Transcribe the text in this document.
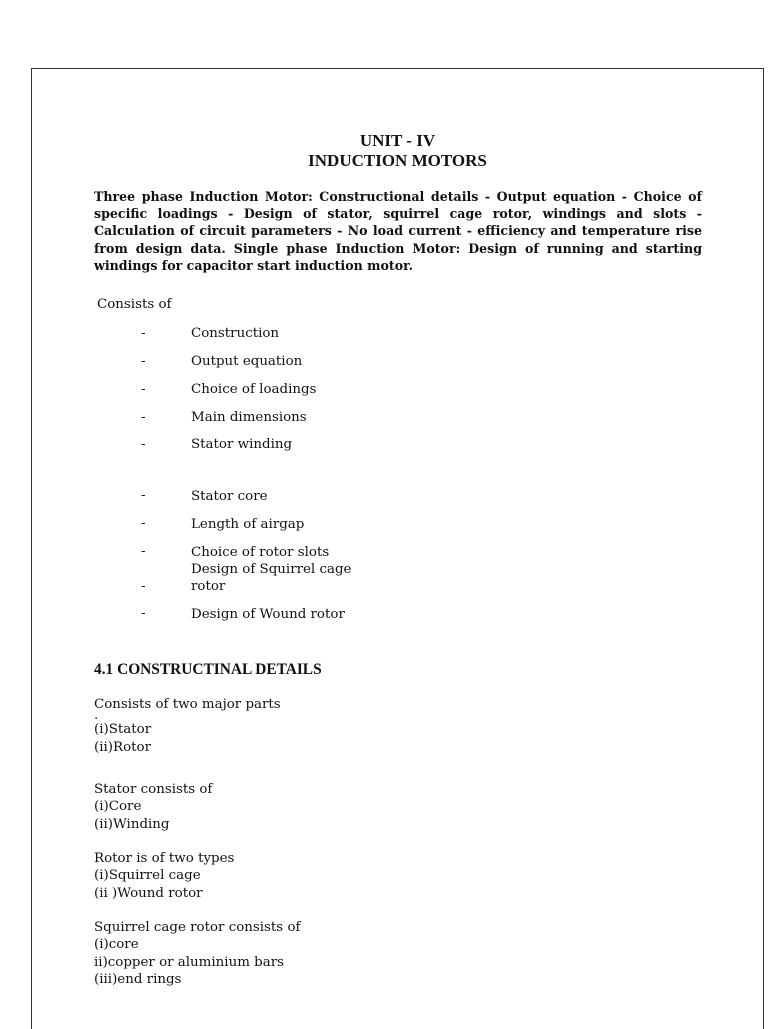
UNIT - IV
INDUCTION MOTORS

Three phase Induction Motor: Constructional details - Output equation - Choice of specific loadings - Design of stator, squirrel cage rotor, windings and slots - Calculation of circuit parameters - No load current - efficiency and temperature rise from design data. Single phase Induction Motor: Design of running and starting windings for capacitor start induction motor.

Consists of
-	Construction
-	Output equation
-	Choice of loadings
-	Main dimensions
-	Stator winding
-	Stator core
-	Length of airgap
-	Choice of rotor slots
Design of Squirrel cage
-	rotor
-	Design of Wound rotor
4.1 CONSTRUCTINAL DETAILS
Consists of two major parts
.
(i)Stator
(ii)Rotor
Stator consists of
(i)Core
(ii)Winding
Rotor is of two types
(i)Squirrel cage
(ii )Wound rotor
Squirrel cage rotor consists of
(i)core
ii)copper or aluminium bars
(iii)end rings
